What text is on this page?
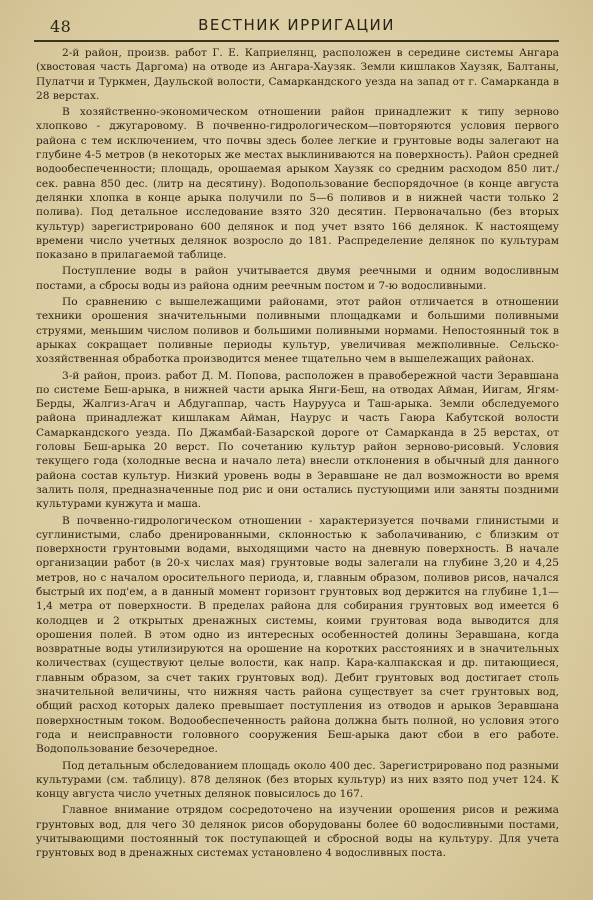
48	ВЕСТНИК ИРРИГАЦИИ

2-й район, произв. работ Г. Е. Каприелянц, расположен в середине системы Ангара (хвостовая часть Даргома) на отводе из Ангара-Хаузяк. Земли кишлаков Хаузяк, Балтаны, Пулатчи и Туркмен, Даульской волости, Самаркандского уезда на запад от г. Самарканда в 28 верстах.

В хозяйственно-экономическом отношении район принадлежит к типу зерново хлопково - джугаровому. В почвенно-гидрологическом—повторяются условия первого района с тем исключением, что почвы здесь более легкие и грунтовые воды залегают на глубине 4-5 метров (в некоторых же местах выклиниваются на поверхность). Район средней водообеспеченности; площадь, орошаемая арыком Хаузяк со средним расходом 850 лит./сек. равна 850 дес. (литр на десятину). Водопользование беспорядочное (в конце августа делянки хлопка в конце арыка получили по 5—6 поливов и в нижней части только 2 полива). Под детальное исследование взято 320 десятин. Первоначально (без вторых культур) зарегистрировано 600 делянок и под учет взято 166 делянок. К настоящему времени число учетных делянок возросло до 181. Распределение делянок по культурам показано в прилагаемой таблице.

Поступление воды в район учитывается двумя реечными и одним водосливным постами, а сбросы воды из района одним реечным постом и 7-ю водосливными.

По сравнению с вышележащими районами, этот район отличается в отношении техники орошения значительными поливными площадками и большими поливными струями, меньшим числом поливов и большими поливными нормами. Непостоянный ток в арыках сокращает поливные периоды культур, увеличивая межполивные. Сельско-хозяйственная обработка производится менее тщательно чем в вышележащих районах.

3-й район, произ. работ Д. М. Попова, расположен в правобережной части Зеравшана по системе Беш-арыка, в нижней части арыка Янги-Беш, на отводах Айман, Иигам, Ягям-Берды, Жалгиз-Агач и Абдугаппар, часть Наурууса и Таш-арыка. Земли обследуемого района принадлежат кишлакам Айман, Наурус и часть Гаюра Кабутской волости Самаркандского уезда. По Джамбай-Базарской дороге от Самарканда в 25 верстах, от головы Беш-арыка 20 верст. По сочетанию культур район зерново-рисовый. Условия текущего года (холодные весна и начало лета) внесли отклонения в обычный для данного района состав культур. Низкий уровень воды в Зеравшане не дал возможности во время залить поля, предназначенные под рис и они остались пустующими или заняты поздними культурами кунжута и маша.

В почвенно-гидрологическом отношении - характеризуется почвами глинистыми и суглинистыми, слабо дренированными, склонностью к заболачиванию, с близким от поверхности грунтовыми водами, выходящими часто на дневную поверхность. В начале организации работ (в 20-х числах мая) грунтовые воды залегали на глубине 3,20 и 4,25 метров, но с началом оросительного периода, и, главным образом, поливов рисов, начался быстрый их под'ем, а в данный момент горизонт грунтовых вод держится на глубине 1,1—1,4 метра от поверхности. В пределах района для собирания грунтовых вод имеется 6 колодцев и 2 открытых дренажных системы, коими грунтовая вода выводится для орошения полей. В этом одно из интересных особенностей долины Зеравшана, когда возвратные воды утилизируются на орошение на коротких расстояниях и в значительных количествах (существуют целые волости, как напр. Кара-калпакская и др. питающиеся, главным образом, за счет таких грунтовых вод). Дебит грунтовых вод достигает столь значительной величины, что нижняя часть района существует за счет грунтовых вод, общий расход которых далеко превышает поступления из отводов и арыков Зеравшана поверхностным током. Водообеспеченность района должна быть полной, но условия этого года и неисправности головного сооружения Беш-арыка дают сбои в его работе. Водопользование безочередное.

Под детальным обследованием площадь около 400 дес. Зарегистрировано под разными культурами (см. таблицу). 878 делянок (без вторых культур) из них взято под учет 124. К концу августа число учетных делянок повысилось до 167.

Главное внимание отрядом сосредоточено на изучении орошения рисов и режима грунтовых вод, для чего 30 делянок рисов оборудованы более 60 водосливными постами, учитывающими постоянный ток поступающей и сбросной воды на культуру. Для учета грунтовых вод в дренажных системах установлено 4 водосливных поста.
